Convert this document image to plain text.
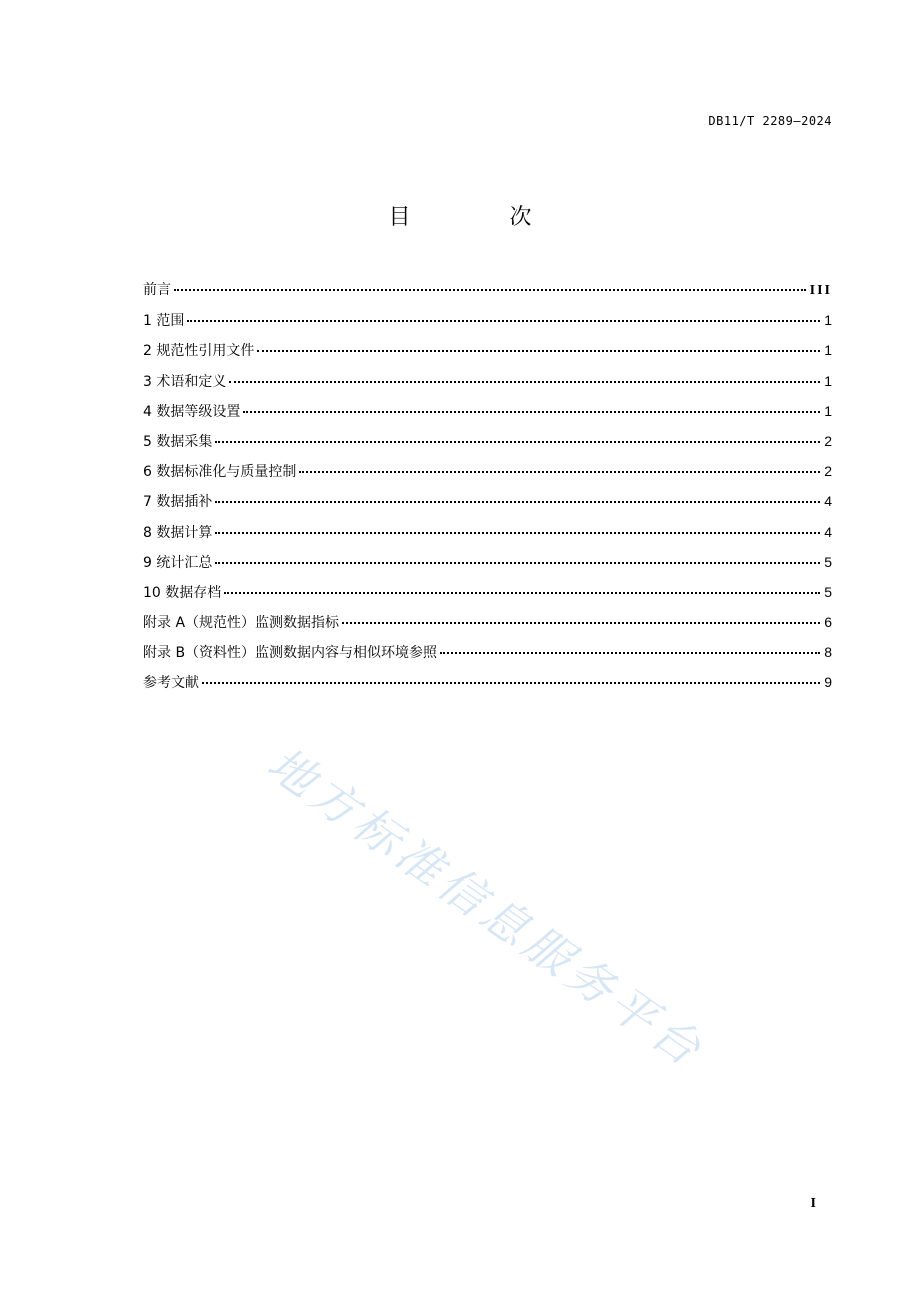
DB11/T 2289—2024
目 次
前言	III
1 范围	1
2 规范性引用文件	1
3 术语和定义	1
4 数据等级设置	1
5 数据采集	2
6 数据标准化与质量控制	2
7 数据插补	4
8 数据计算	4
9 统计汇总	5
10 数据存档	5
附录 A（规范性）监测数据指标	6
附录 B（资料性）监测数据内容与相似环境参照	8
参考文献	9
地方标准信息服务平台
I
